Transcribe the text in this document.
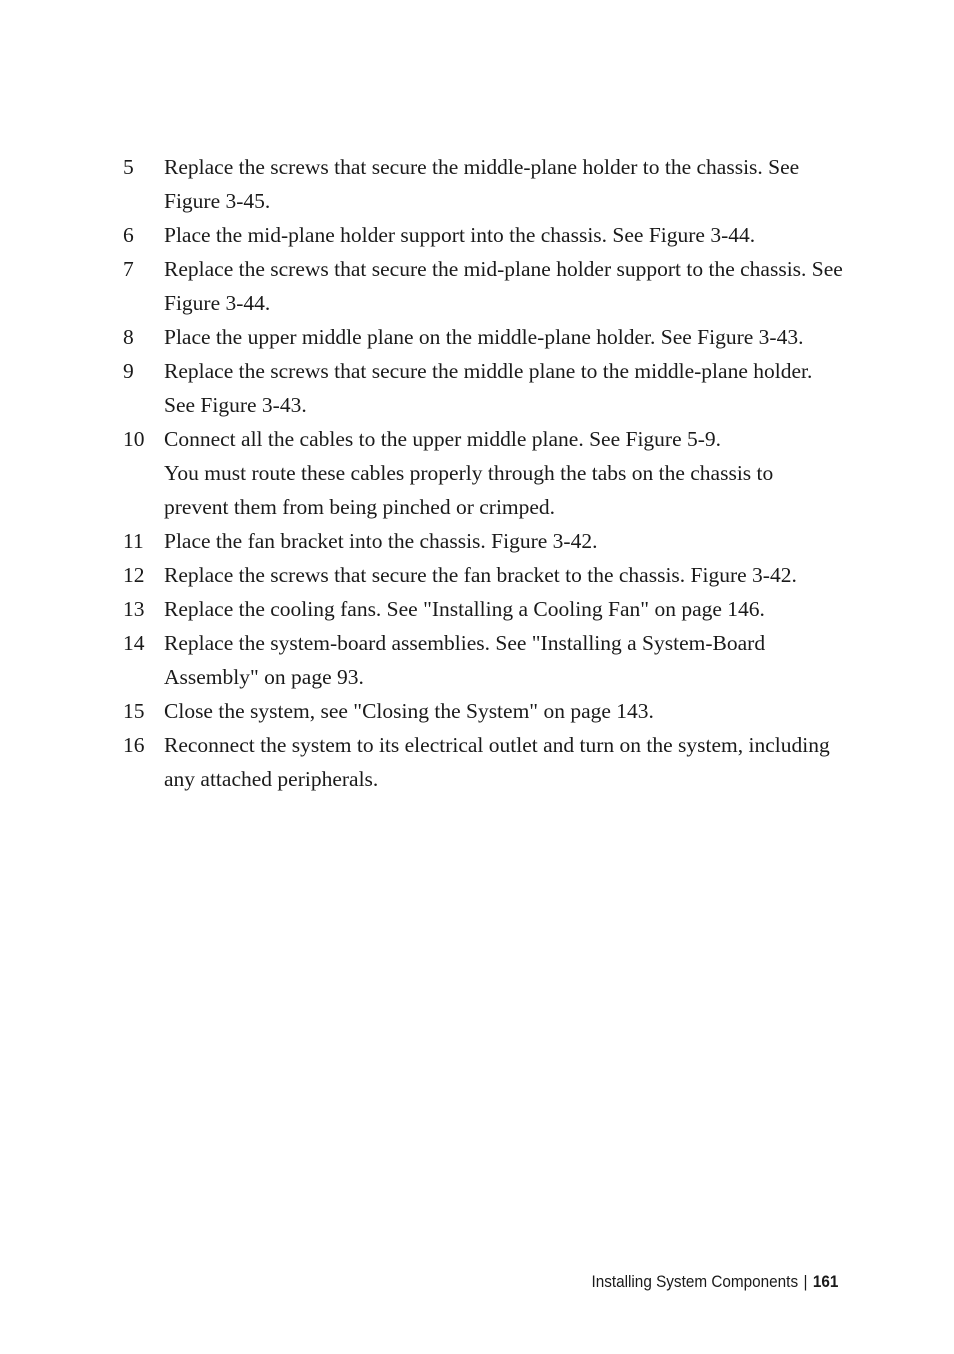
5 Replace the screws that secure the middle-plane holder to the chassis. See Figure 3-45.
6 Place the mid-plane holder support into the chassis. See Figure 3-44.
7 Replace the screws that secure the mid-plane holder support to the chassis. See Figure 3-44.
8 Place the upper middle plane on the middle-plane holder. See Figure 3-43.
9 Replace the screws that secure the middle plane to the middle-plane holder. See Figure 3-43.
10 Connect all the cables to the upper middle plane. See Figure 5-9.
You must route these cables properly through the tabs on the chassis to prevent them from being pinched or crimped.
11 Place the fan bracket into the chassis. Figure 3-42.
12 Replace the screws that secure the fan bracket to the chassis. Figure 3-42.
13 Replace the cooling fans. See "Installing a Cooling Fan" on page 146.
14 Replace the system-board assemblies. See "Installing a System-Board Assembly" on page 93.
15 Close the system, see "Closing the System" on page 143.
16 Reconnect the system to its electrical outlet and turn on the system, including any attached peripherals.
Installing System Components | 161
